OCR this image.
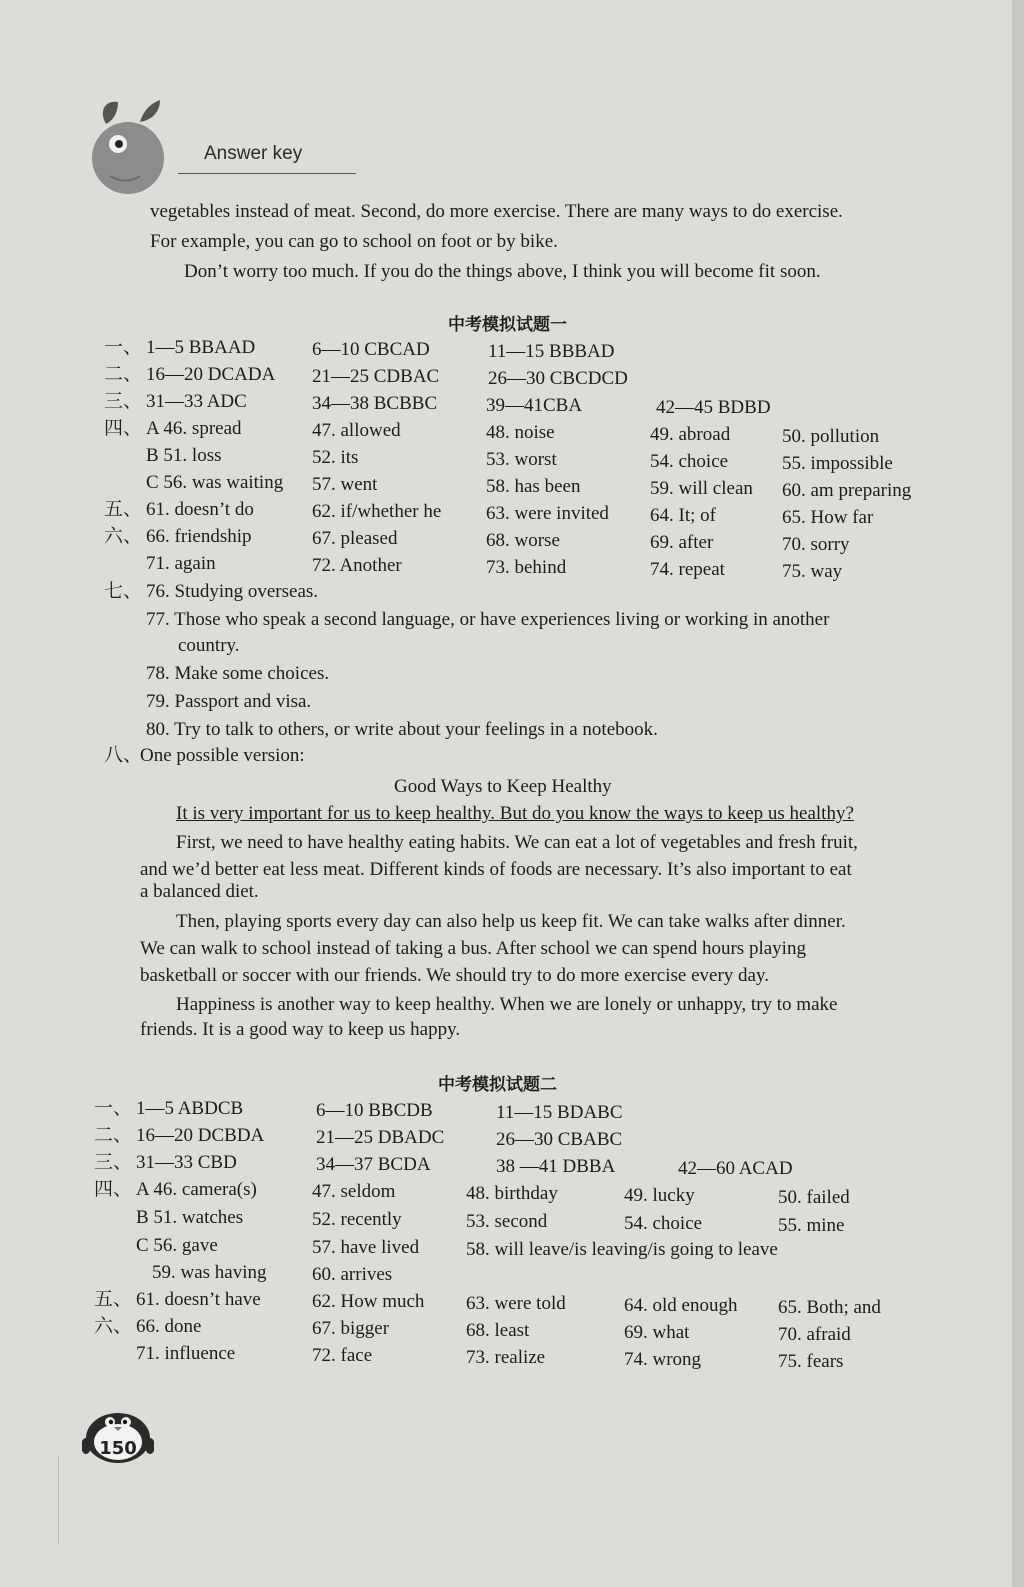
Answer key
vegetables instead of meat. Second, do more exercise. There are many ways to do exercise.
For example, you can go to school on foot or by bike.
Don’t worry too much. If you do the things above, I think you will become fit soon.
中考模拟试题一
一、 1—5 BBAAD	6—10 CBCAD	11—15 BBBAD
二、 16—20 DCADA 21—25 CDBAC	26—30 CBCDCD
三、 31—33 ADC	34—38 BCBBC	39—41CBA	42—45 BDBD
四、 A 46. spread	47. allowed	48. noise	49. abroad	50. pollution
B 51. loss	52. its	53. worst	54. choice	55. impossible
C 56. was waiting 57. went	58. has been	59. will clean 60. am preparing
五、 61. doesn’t do	62. if/whether he 63. were invited 64. It; of	65. How far
六、 66. friendship	67. pleased	68. worse	69. after	70. sorry
71. again	72. Another	73. behind	74. repeat	75. way
七、 76. Studying overseas.
77. Those who speak a second language, or have experiences living or working in another
country.
78. Make some choices.
79. Passport and visa.
80. Try to talk to others, or write about your feelings in a notebook.
八、
One possible version:
Good Ways to Keep Healthy
It is very important for us to keep healthy. But do you know the ways to keep us healthy?
First, we need to have healthy eating habits. We can eat a lot of vegetables and fresh fruit,
and we’d better eat less meat. Different kinds of foods are necessary. It’s also important to eat
a balanced diet.
Then, playing sports every day can also help us keep fit. We can take walks after dinner.
We can walk to school instead of taking a bus. After school we can spend hours playing
basketball or soccer with our friends. We should try to do more exercise every day.
Happiness is another way to keep healthy. When we are lonely or unhappy, try to make
friends. It is a good way to keep us happy.
中考模拟试题二
一、 1—5 ABDCB	6—10 BBCDB	11—15 BDABC
二、 16—20 DCBDA	21—25 DBADC	26—30 CBABC
三、 31—33 CBD	34—37 BCDA	38 —41 DBBA	42—60 ACAD
四、 A 46. camera(s)	47. seldom	48. birthday	49. lucky	50. failed
B 51. watches	52. recently	53. second	54. choice	55. mine
C 56. gave	57. have lived 58. will leave/is leaving/is going to leave
59. was having 60. arrives
五、 61. doesn’t have	62. How much 63. were told	64. old enough 65. Both; and
六、 66. done	67. bigger	68. least	69. what	70. afraid
71. influence	72. face	73. realize	74. wrong	75. fears
150
